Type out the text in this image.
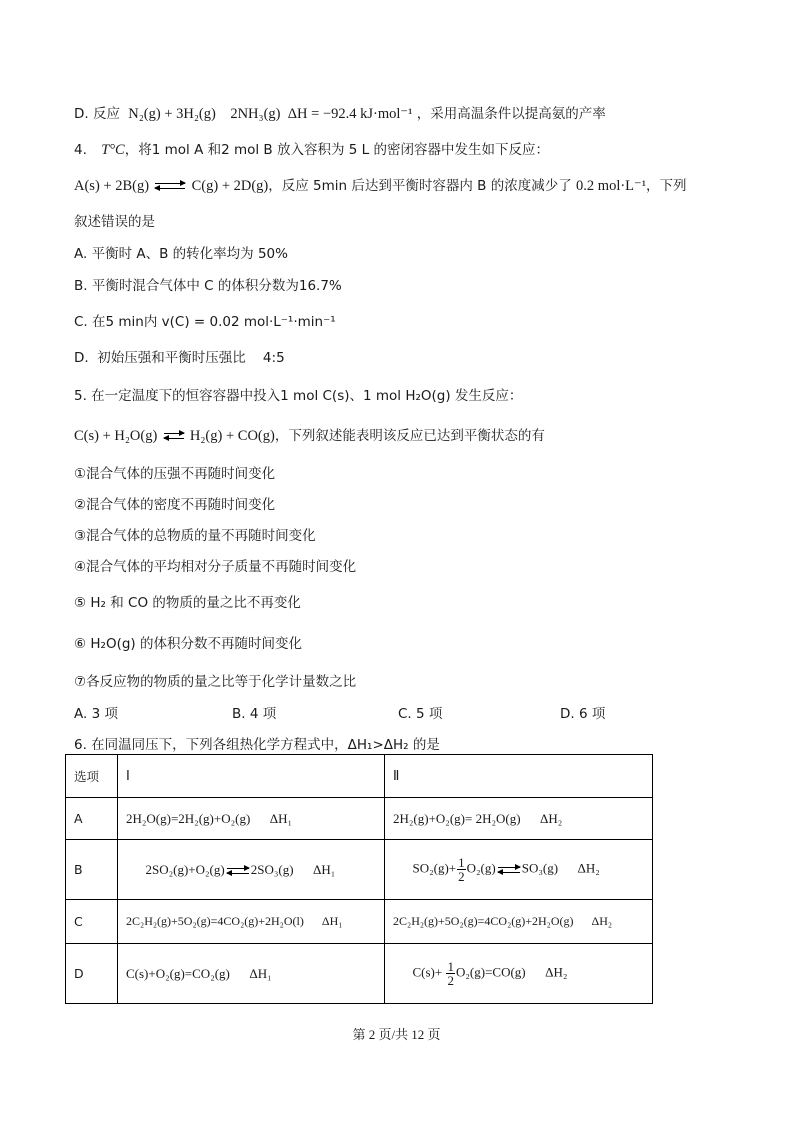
D. 反应 N₂(g) + 3H₂(g)    2NH₃(g)  ΔH = −92.4 kJ·mol⁻¹ ，采用高温条件以提高氨的产率
4. T°C，将1 mol A 和2 mol B 放入容积为 5 L 的密闭容器中发生如下反应：
A(s) + 2B(g) ⇌ C(g) + 2D(g)，反应 5min 后达到平衡时容器内 B 的浓度减少了 0.2 mol·L⁻¹，下列
叙述错误的是
A. 平衡时 A、B 的转化率均为 50%
B. 平衡时混合气体中 C 的体积分数为16.7%
C. 在5 min内 v(C) = 0.02 mol·L⁻¹·min⁻¹
D.  初始压强和平衡时压强比    4:5
5. 在一定温度下的恒容容器中投入1 mol C(s)、1 mol H₂O(g) 发生反应：
C(s) + H₂O(g) ⇌ H₂(g) + CO(g)，下列叙述能表明该反应已达到平衡状态的有
①混合气体的压强不再随时间变化
②混合气体的密度不再随时间变化
③混合气体的总物质的量不再随时间变化
④混合气体的平均相对分子质量不再随时间变化
⑤ H₂ 和 CO 的物质的量之比不再变化
⑥ H₂O(g) 的体积分数不再随时间变化
⑦各反应物的物质的量之比等于化学计量数之比
A. 3 项	B. 4 项	C. 5 项	D. 6 项
6. 在同温同压下，下列各组热化学方程式中，ΔH₁>ΔH₂ 的是
选项	Ⅰ	Ⅱ
A	2H₂O(g)=2H₂(g)+O₂(g)      ΔH₁	2H₂(g)+O₂(g)= 2H₂O(g)      ΔH₂
B	2SO₂(g)+O₂(g) ⇌ 2SO₃(g)      ΔH₁	$SO_2(g)+ \frac{1}{2} O_2(g)$ ⇌ SO₃(g)      ΔH₂

C	2C₂H₂(g)+5O₂(g)=4CO₂(g)+2H₂O(l)      ΔH₁	2C₂H₂(g)+5O₂(g)=4CO₂(g)+2H₂O(g)      ΔH₂
D	C(s)+O₂(g)=CO₂(g)      ΔH₁	$C(s)+ \frac{1}{2} O_2(g)=CO(g)$      ΔH₂

第 2 页/共 12 页
